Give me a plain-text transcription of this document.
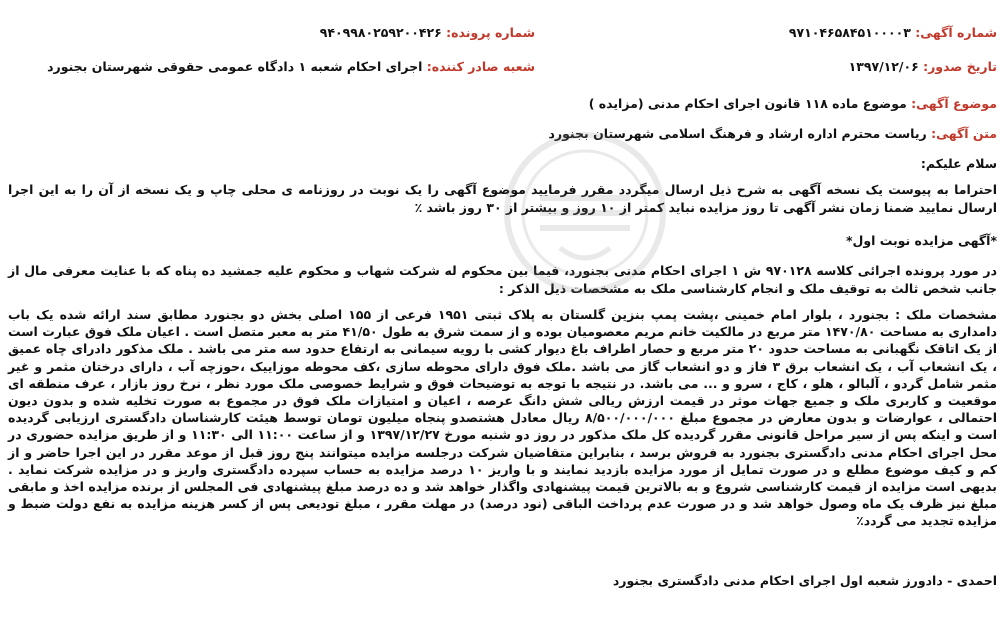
شماره آگهی: ۹۷۱۰۴۶۵۸۴۵۱۰۰۰۰۳
شماره پرونده: ۹۴۰۹۹۸۰۲۵۹۲۰۰۴۲۶
تاریخ صدور: ۱۳۹۷/۱۲/۰۶
شعبه صادر کننده: اجرای احکام شعبه ۱ دادگاه عمومی حقوقی شهرستان بجنورد
موضوع آگهی: موضوع ماده ۱۱۸ قانون اجرای احکام مدنی (مزایده )
متن آگهی: ریاست محترم اداره ارشاد و فرهنگ اسلامی شهرستان بجنورد
سلام علیکم:
احتراما به پیوست یک نسخه آگهی به شرح ذیل ارسال میگردد مقرر فرمایید موضوع آگهی را یک نوبت در روزنامه ی محلی چاپ و یک نسخه از آن را به این اجرا ارسال نمایید ضمنا زمان نشر آگهی تا روز مزایده نباید کمتر از ۱۰ روز و بیشتر از ۳۰ روز باشد ٪
*آگهی مزایده نوبت اول*
در مورد پرونده اجرائی کلاسه ۹۷۰۱۲۸ ش ۱ اجرای احکام مدنی بجنورد، فیما بین محکوم له شرکت شهاب و محکوم علیه جمشید ده پناه که با عنایت معرفی مال از جانب شخص ثالث به توقیف ملک و انجام کارشناسی ملک به مشخصات ذیل الذکر :
مشخصات ملک : بجنورد ، بلوار امام خمینی ،پشت پمپ بنزین گلستان به پلاک ثبتی ۱۹۵۱ فرعی از ۱۵۵ اصلی بخش دو بجنورد مطابق سند ارائه شده یک باب دامداری به مساحت ۱۴۷۰/۸۰ متر مربع در مالکیت خانم مریم معصومیان بوده و از سمت شرق به طول ۴۱/۵۰ متر به معبر متصل است . اعیان ملک فوق عبارت است از یک اتاقک نگهبانی به مساحت حدود ۲۰ متر مربع و حصار اطراف باغ دیوار کشی با رویه سیمانی به ارتفاع حدود سه متر می باشد . ملک مذکور دادرای چاه عمیق ، یک انشعاب آب ، یک انشعاب برق ۳ فاز و دو انشعاب گاز می باشد .ملک فوق دارای محوطه سازی ،کف محوطه موزاییک ،حوزچه آب ، دارای درختان مثمر و غیر مثمر شامل گردو ، آلبالو ، هلو ، کاج ، سرو و ... می باشد. در نتیجه با توجه به توضیحات فوق و شرایط خصوصی ملک مورد نظر ، نرخ روز بازار ، عرف منطقه ای موقعیت و کاربری ملک و جمیع جهات موثر در قیمت ارزش ریالی شش دانگ عرصه ، اعیان و امتیازات ملک فوق در مجموع به صورت تخلیه شده و بدون دیون احتمالی ، عوارضات و بدون معارض در مجموع مبلغ ۸/۵۰۰/۰۰۰/۰۰۰ ریال معادل هشتصدو پنجاه میلیون تومان توسط هیئت کارشناسان دادگستری ارزیابی گردیده است و اینکه پس از سیر مراحل قانونی مقرر گردیده کل ملک مذکور در روز دو شنبه مورخ ۱۳۹۷/۱۲/۲۷ و از ساعت ۱۱:۰۰ الی ۱۱:۳۰ و از طریق مزایده حضوری در محل اجرای احکام مدنی دادگستری بجنورد به فروش برسد ، بنابراین متقاضیان شرکت درجلسه مزایده میتوانند پنج روز قبل از موعد مقرر در این اجرا حاضر و از کم و کیف موضوع مطلع و در صورت تمایل از مورد مزایده بازدید نمایند و با واریز ۱۰ درصد مزایده به حساب سپرده دادگستری واریز و در مزایده شرکت نماید . بدیهی است مزایده از قیمت کارشناسی شروع و به بالاترین قیمت پیشنهادی واگذار خواهد شد و ده درصد مبلغ پیشنهادی فی المجلس از برنده مزایده اخذ و مابقی مبلغ نیز ظرف یک ماه وصول خواهد شد و در صورت عدم پرداخت الباقی (نود درصد) در مهلت مقرر ، مبلغ تودیعی پس از کسر هزینه مزایده به نفع دولت ضبط و مزایده تجدید می گردد٪
احمدی - دادورز شعبه اول اجرای احکام مدنی دادگستری بجنورد
